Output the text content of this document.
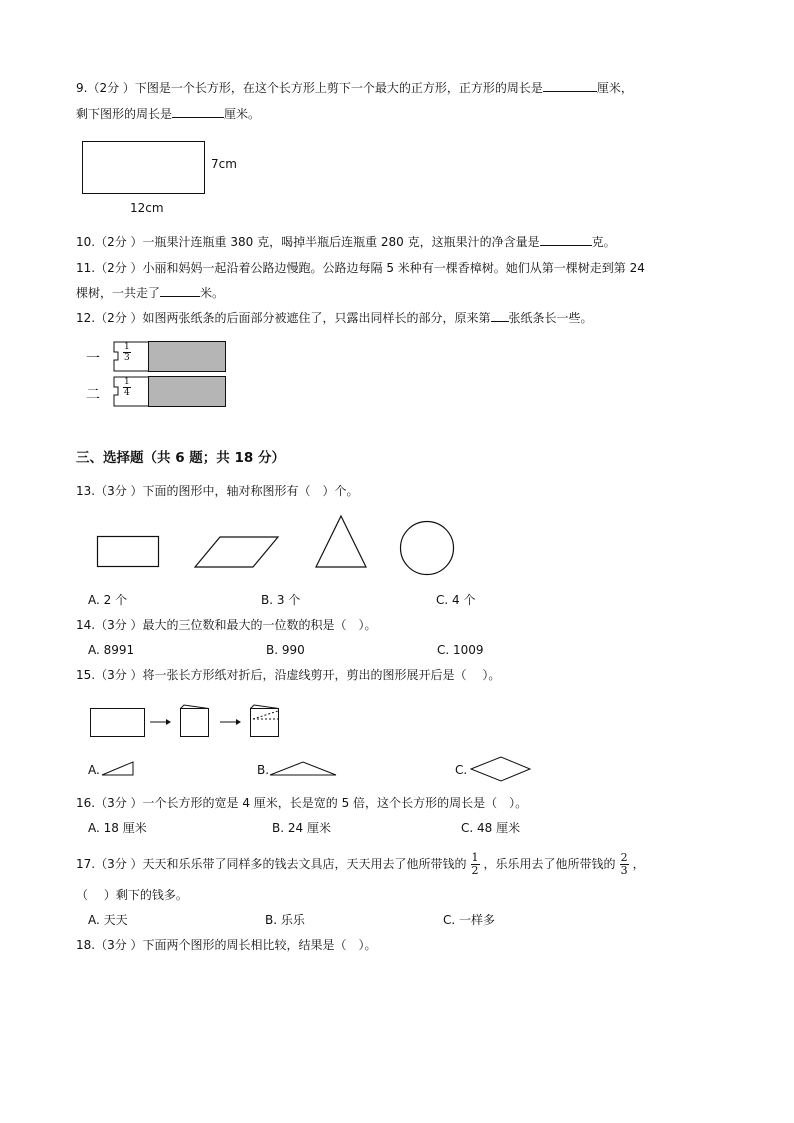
9.（2分 ）下图是一个长方形，在这个长方形上剪下一个最大的正方形，正方形的周长是	厘米，
剩下图形的周长是	厘米。
7cm
12cm
10.（2分 ）一瓶果汁连瓶重 380 克，喝掉半瓶后连瓶重 280 克，这瓶果汁的净含量是	克。
11.（2分 ）小丽和妈妈一起沿着公路边慢跑。公路边每隔 5 米种有一棵香樟树。她们从第一棵树走到第 24
棵树，一共走了	米。
12.（2分 ）如图两张纸条的后面部分被遮住了，只露出同样长的部分，原来第 张纸条长一些。
一	$\frac{1}{3}$
二	$\frac{1}{4}$
三、选择题（共 6 题；共 18 分）
13.（3分 ）下面的图形中，轴对称图形有（　）个。
A. 2 个	B. 3 个	C. 4 个
14.（3分 ）最大的三位数和最大的一位数的积是（　）。
A. 8991	B. 990	C. 1009
15.（3分 ）将一张长方形纸对折后，沿虚线剪开，剪出的图形展开后是（　 ）。
A.	B.	C.
16.（3分 ）一个长方形的宽是 4 厘米，长是宽的 5 倍，这个长方形的周长是（　）。
A. 18 厘米	B. 24 厘米	C. 48 厘米
17.（3分 ）天天和乐乐带了同样多的钱去文具店，天天用去了他所带钱的 $\frac{1}{2}$ ，乐乐用去了他所带钱的 $\frac{2}{3}$ ，
（　 ）剩下的钱多。
A. 天天	B. 乐乐	C. 一样多
18.（3分 ）下面两个图形的周长相比较，结果是（　）。
